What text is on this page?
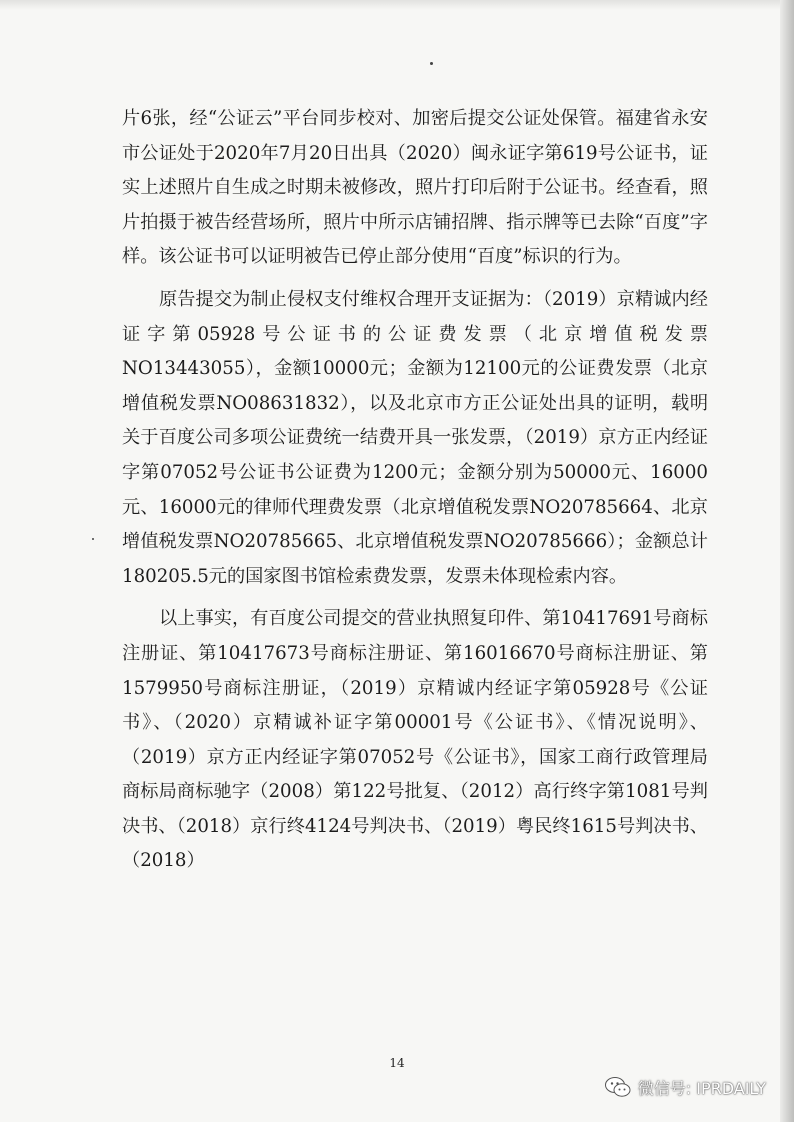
片6张，经“公证云”平台同步校对、加密后提交公证处保管。福建省永安市公证处于2020年7月20日出具（2020）闽永证字第619号公证书，证实上述照片自生成之时期未被修改，照片打印后附于公证书。经查看，照片拍摄于被告经营场所，照片中所示店铺招牌、指示牌等已去除“百度”字样。该公证书可以证明被告已停止部分使用“百度”标识的行为。

原告提交为制止侵权支付维权合理开支证据为：（2019）京精诚内经证字第05928号公证书的公证费发票（北京增值税发票NO13443055），金额10000元；金额为12100元的公证费发票（北京增值税发票NO08631832），以及北京市方正公证处出具的证明，载明关于百度公司多项公证费统一结费开具一张发票，（2019）京方正内经证字第07052号公证书公证费为1200元；金额分别为50000元、16000元、16000元的律师代理费发票（北京增值税发票NO20785664、北京增值税发票NO20785665、北京增值税发票NO20785666）；金额总计180205.5元的国家图书馆检索费发票，发票未体现检索内容。

以上事实，有百度公司提交的营业执照复印件、第10417691号商标注册证、第10417673号商标注册证、第16016670号商标注册证、第1579950号商标注册证，（2019）京精诚内经证字第05928号《公证书》、（2020）京精诚补证字第00001号《公证书》、《情况说明》、（2019）京方正内经证字第07052号《公证书》，国家工商行政管理局商标局商标驰字（2008）第122号批复、（2012）高行终字第1081号判决书、（2018）京行终4124号判决书、（2019）粤民终1615号判决书、（2018）

14
微信号: IPRDAILY
